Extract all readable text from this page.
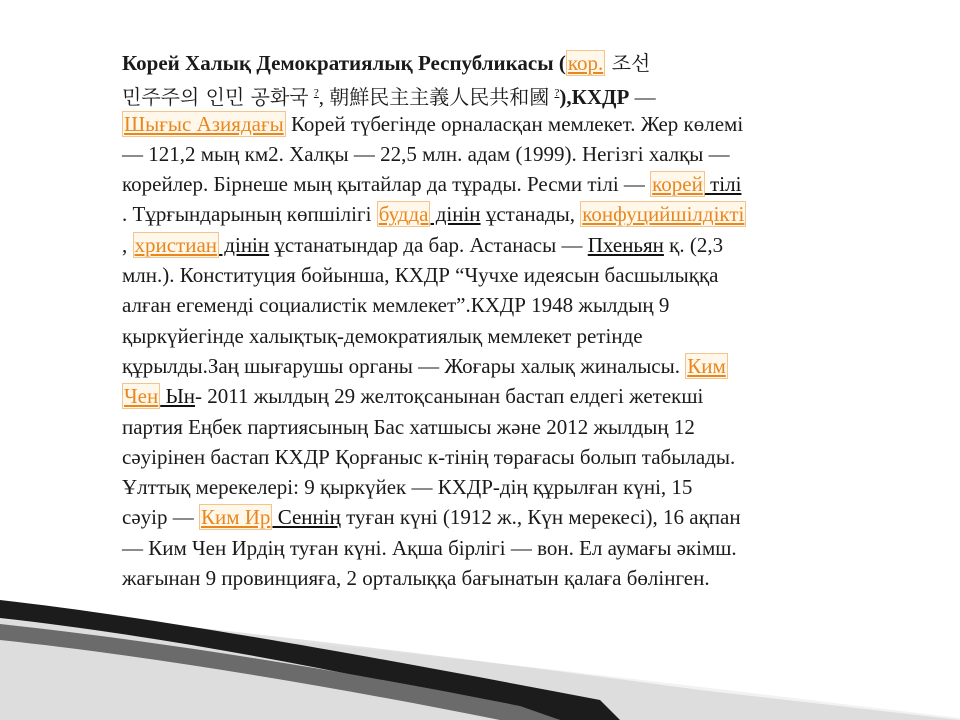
Корей Халық Демократиялық Республикасы (кор. 조선
민주주의 인민 공화국 ?, 朝鮮民主主義人民共和國 ?),КХДР —
Шығыс Азиядағы Корей түбегінде орналасқан мемлекет. Жер көлемі
— 121,2 мың км2. Халқы — 22,5 млн. адам (1999). Негізгі халқы —
корейлер. Бірнеше мың қытайлар да тұрады. Ресми тілі — корей тілі
. Тұрғындарының көпшілігі будда дінін ұстанады, конфуцийшілдікті
, христиан дінін ұстанатындар да бар. Астанасы — Пхеньян қ. (2,3
млн.). Конституция бойынша, КХДР “Чучхе идеясын басшылыққа
алған егеменді социалистік мемлекет”.КХДР 1948 жылдың 9
қыркүйегінде халықтық-демократиялық мемлекет ретінде
құрылды.Заң шығарушы органы — Жоғары халық жиналысы. Ким
Чен Ын- 2011 жылдың 29 желтоқсанынан бастап елдегі жетекші
партия Еңбек партиясының Бас хатшысы және 2012 жылдың 12
сәуірінен бастап КХДР Қорғаныс к-тінің төрағасы болып табылады.
Ұлттық мерекелері: 9 қыркүйек — КХДР-дің құрылған күні, 15
сәуір — Ким Ир Сеннің туған күні (1912 ж., Күн мерекесі), 16 ақпан
— Ким Чен Ирдің туған күні. Ақша бірлігі — вон. Ел аумағы әкімш.
жағынан 9 провинцияға, 2 орталыққа бағынатын қалаға бөлінген.
